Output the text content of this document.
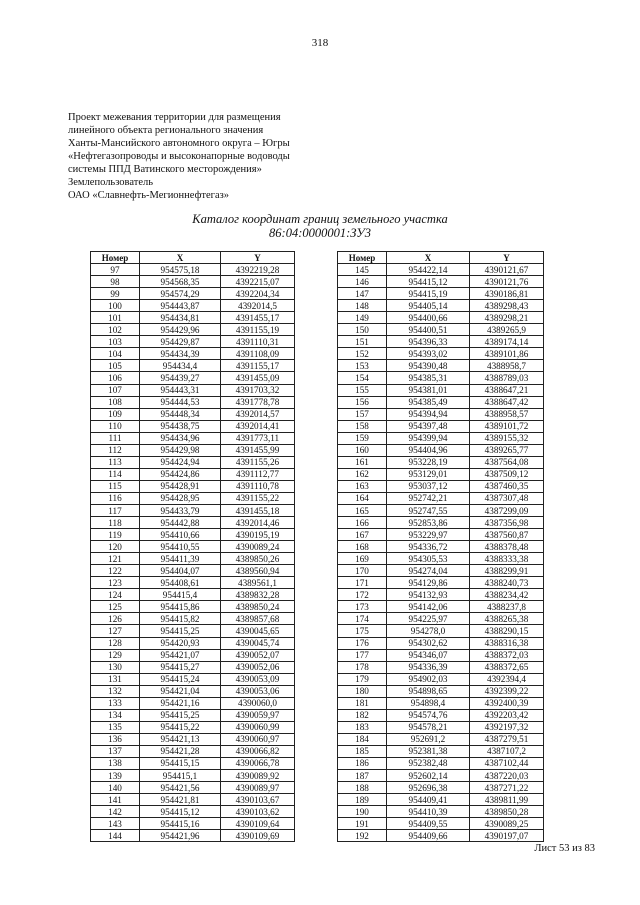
318
Проект межевания территории для размещения
линейного объекта регионального значения
Ханты-Мансийского автономного округа – Югры
«Нефтегазопроводы и высоконапорные водоводы
системы ППД Ватинского месторождения»
Землепользователь
ОАО «Славнефть-Мегионнефтегаз»
Каталог координат границ земельного участка
86:04:0000001:ЗУ3
Номер	X	Y
97	954575,18	4392219,28
98	954568,35	4392215,07
99	954574,29	4392204,34
100	954443,87	4392014,5
101	954434,81	4391455,17
102	954429,96	4391155,19
103	954429,87	4391110,31
104	954434,39	4391108,09
105	954434,4	4391155,17
106	954439,27	4391455,09
107	954443,31	4391703,32
108	954444,53	4391778,78
109	954448,34	4392014,57
110	954438,75	4392014,41
111	954434,96	4391773,11
112	954429,98	4391455,99
113	954424,94	4391155,26
114	954424,86	4391112,77
115	954428,91	4391110,78
116	954428,95	4391155,22
117	954433,79	4391455,18
118	954442,88	4392014,46
119	954410,66	4390195,19
120	954410,55	4390089,24
121	954411,39	4389850,26
122	954404,07	4389560,94
123	954408,61	4389561,1
124	954415,4	4389832,28
125	954415,86	4389850,24
126	954415,82	4389857,68
127	954415,25	4390045,65
128	954420,93	4390045,74
129	954421,07	4390052,07
130	954415,27	4390052,06
131	954415,24	4390053,09
132	954421,04	4390053,06
133	954421,16	4390060,0
134	954415,25	4390059,97
135	954415,22	4390060,99
136	954421,13	4390060,97
137	954421,28	4390066,82
138	954415,15	4390066,78
139	954415,1	4390089,92
140	954421,56	4390089,97
141	954421,81	4390103,67
142	954415,12	4390103,62
143	954415,16	4390109,64
144	954421,96	4390109,69
Номер	X	Y
145	954422,14	4390121,67
146	954415,12	4390121,76
147	954415,19	4390186,81
148	954405,14	4389298,43
149	954400,66	4389298,21
150	954400,51	4389265,9
151	954396,33	4389174,14
152	954393,02	4389101,86
153	954390,48	4388958,7
154	954385,31	4388789,03
155	954381,01	4388647,21
156	954385,49	4388647,42
157	954394,94	4388958,57
158	954397,48	4389101,72
159	954399,94	4389155,32
160	954404,96	4389265,77
161	953228,19	4387564,08
162	953129,01	4387509,12
163	953037,12	4387460,35
164	952742,21	4387307,48
165	952747,55	4387299,09
166	952853,86	4387356,98
167	953229,97	4387560,87
168	954336,72	4388378,48
169	954305,53	4388333,38
170	954274,04	4388299,91
171	954129,86	4388240,73
172	954132,93	4388234,42
173	954142,06	4388237,8
174	954225,97	4388265,38
175	954278,0	4388290,15
176	954302,62	4388316,38
177	954346,07	4388372,03
178	954336,39	4388372,65
179	954902,03	4392394,4
180	954898,65	4392399,22
181	954898,4	4392400,39
182	954574,76	4392203,42
183	954578,21	4392197,32
184	952691,2	4387279,51
185	952381,38	4387107,2
186	952382,48	4387102,44
187	952602,14	4387220,03
188	952696,38	4387271,22
189	954409,41	4389811,99
190	954410,39	4389850,28
191	954409,55	4390089,25
192	954409,66	4390197,07
Лист 53 из 83
